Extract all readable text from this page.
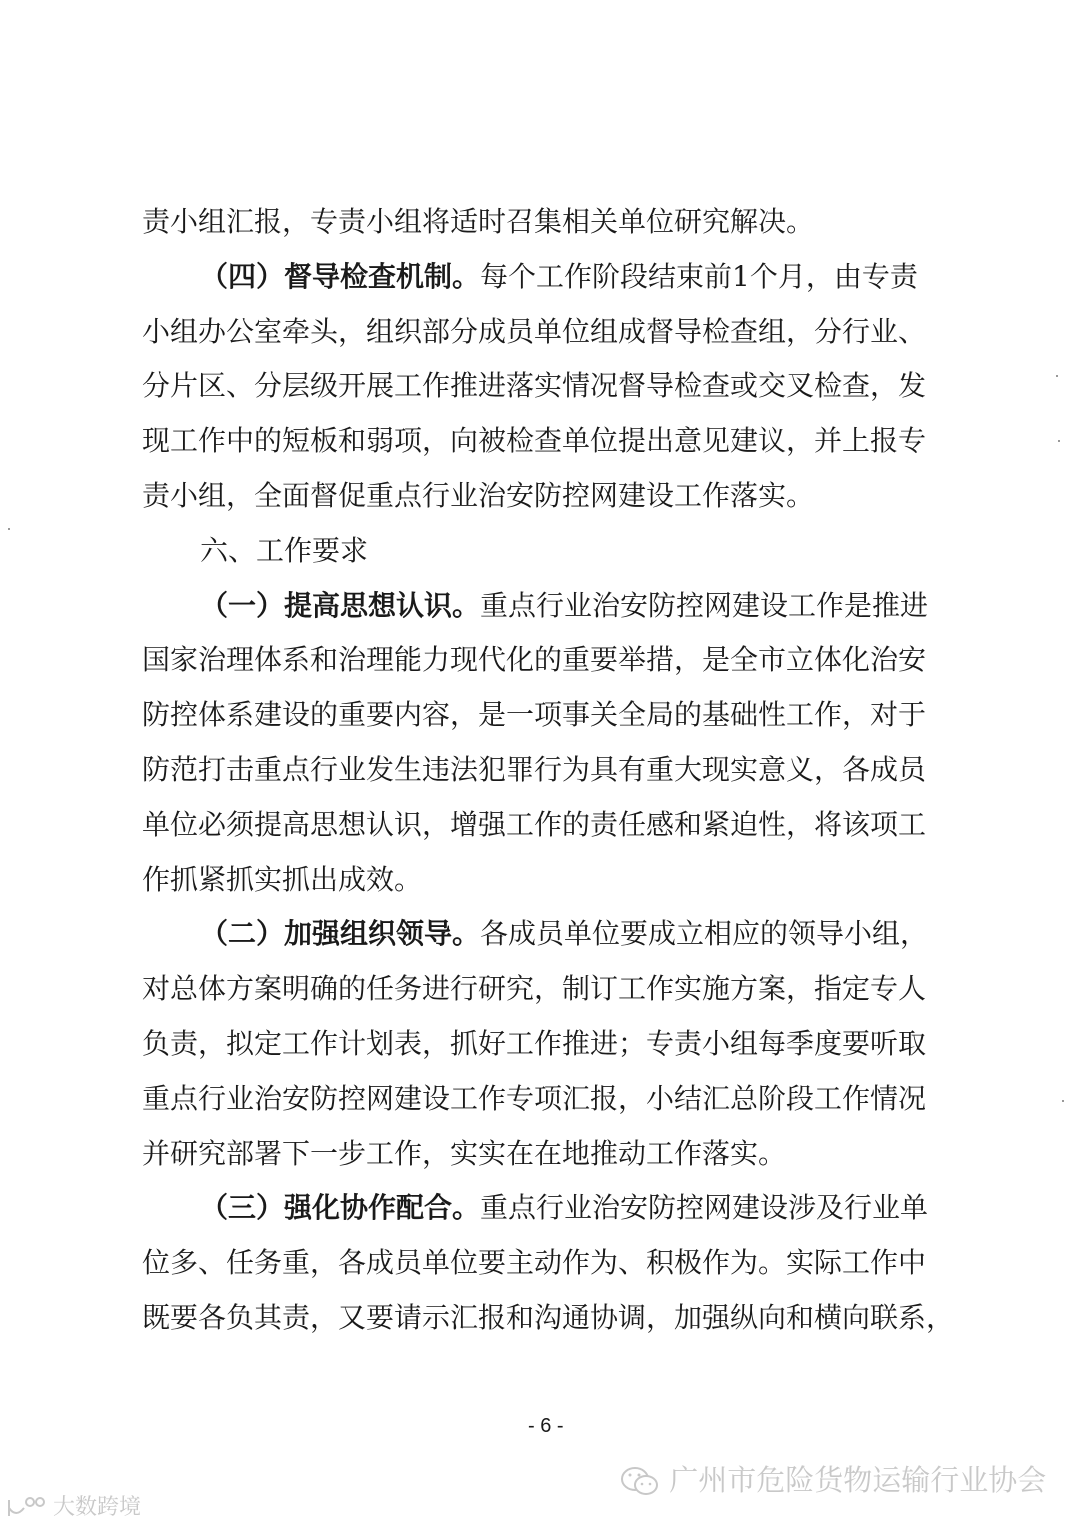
责小组汇报，专责小组将适时召集相关单位研究解决。
（四）督导检查机制。每个工作阶段结束前1个月，由专责
小组办公室牵头，组织部分成员单位组成督导检查组，分行业、
分片区、分层级开展工作推进落实情况督导检查或交叉检查，发
现工作中的短板和弱项，向被检查单位提出意见建议，并上报专
责小组，全面督促重点行业治安防控网建设工作落实。
六、工作要求
（一）提高思想认识。重点行业治安防控网建设工作是推进
国家治理体系和治理能力现代化的重要举措，是全市立体化治安
防控体系建设的重要内容，是一项事关全局的基础性工作，对于
防范打击重点行业发生违法犯罪行为具有重大现实意义，各成员
单位必须提高思想认识，增强工作的责任感和紧迫性，将该项工
作抓紧抓实抓出成效。
（二）加强组织领导。各成员单位要成立相应的领导小组，
对总体方案明确的任务进行研究，制订工作实施方案，指定专人
负责，拟定工作计划表，抓好工作推进；专责小组每季度要听取
重点行业治安防控网建设工作专项汇报，小结汇总阶段工作情况
并研究部署下一步工作，实实在在地推动工作落实。
（三）强化协作配合。重点行业治安防控网建设涉及行业单
位多、任务重，各成员单位要主动作为、积极作为。实际工作中
既要各负其责，又要请示汇报和沟通协调，加强纵向和横向联系，
- 6 -
广州市危险货物运输行业协会
大数跨境
